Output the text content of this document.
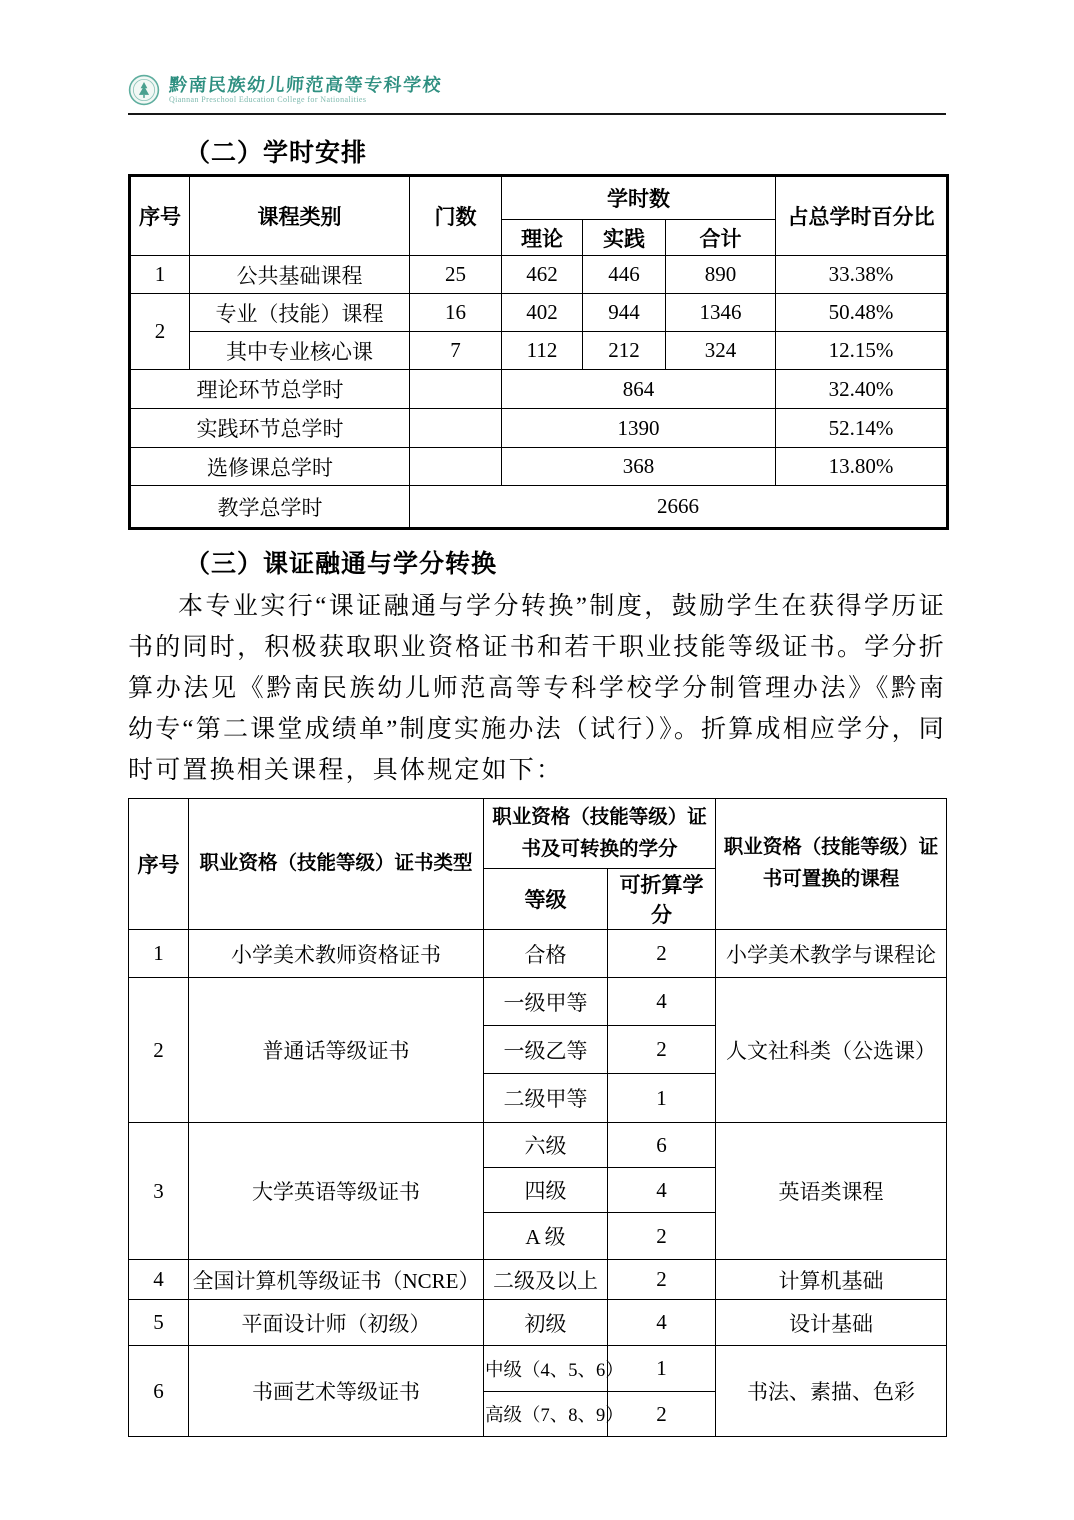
黔南民族幼儿师范高等专科学校
Qiannan Preschool Education College for Nationalities
（二）学时安排
序号	课程类别	门数	学时数			占总学时百分比
			理论	实践	合计	
1	公共基础课程	25	462	446	890	33.38%
2	专业（技能）课程	16	402	944	1346	50.48%
	其中专业核心课	7	112	212	324	12.15%
理论环节总学时			864			32.40%
实践环节总学时			1390			52.14%
选修课总学时			368			13.80%
教学总学时		2666				
（三）课证融通与学分转换

本专业实行“课证融通与学分转换”制度，鼓励学生在获得学历证书的同时，积极获取职业资格证书和若干职业技能等级证书。学分折算办法见《黔南民族幼儿师范高等专科学校学分制管理办法》《黔南幼专“第二课堂成绩单”制度实施办法（试行）》。折算成相应学分，同时可置换相关课程，具体规定如下：

序号	职业资格（技能等级）证书类型	职业资格（技能等级）证书及可转换的学分		职业资格（技能等级）证书可置换的课程
		等级	可折算学分	
1	小学美术教师资格证书	合格	2	小学美术教学与课程论
2	普通话等级证书	一级甲等	4	人文社科类（公选课）
		一级乙等	2	
		二级甲等	1	
3	大学英语等级证书	六级	6	英语类课程
		四级	4	
		A 级	2	
4	全国计算机等级证书（NCRE）	二级及以上	2	计算机基础
5	平面设计师（初级）	初级	4	设计基础
6	书画艺术等级证书	中级（4、5、6）	1	书法、素描、色彩
		高级（7、8、9）	2	
